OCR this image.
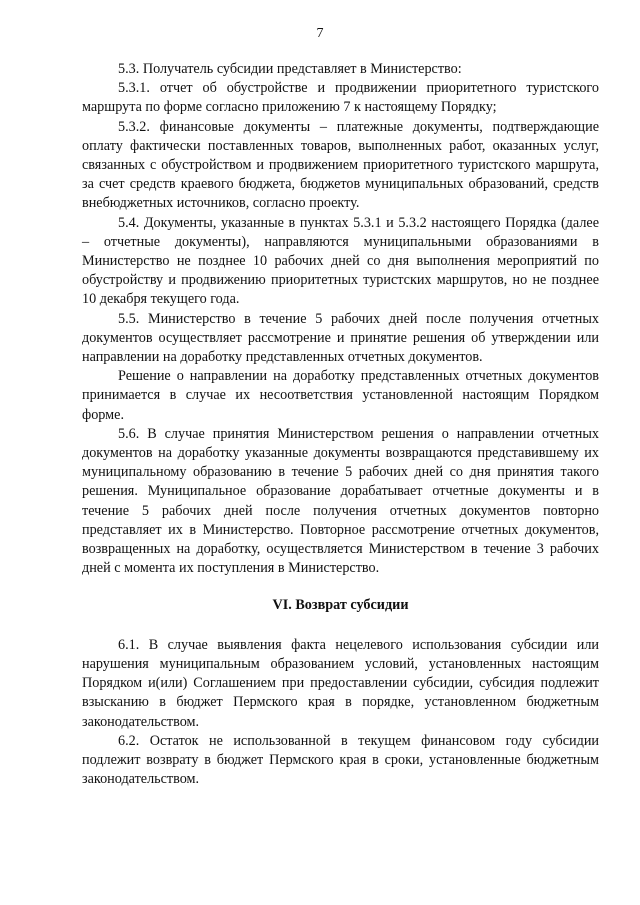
7

5.3. Получатель субсидии представляет в Министерство:

5.3.1. отчет об обустройстве и продвижении приоритетного туристского маршрута по форме согласно приложению 7 к настоящему Порядку;

5.3.2. финансовые документы – платежные документы, подтверждающие оплату фактически поставленных товаров, выполненных работ, оказанных услуг, связанных с обустройством и продвижением приоритетного туристского маршрута, за счет средств краевого бюджета, бюджетов муниципальных образований, средств внебюджетных источников, согласно проекту.

5.4. Документы, указанные в пунктах 5.3.1 и 5.3.2 настоящего Порядка (далее – отчетные документы), направляются муниципальными образованиями в Министерство не позднее 10 рабочих дней со дня выполнения мероприятий по обустройству и продвижению приоритетных туристских маршрутов, но не позднее 10 декабря текущего года.

5.5. Министерство в течение 5 рабочих дней после получения отчетных документов осуществляет рассмотрение и принятие решения об утверждении или направлении на доработку представленных отчетных документов.

Решение о направлении на доработку представленных отчетных документов принимается в случае их несоответствия установленной настоящим Порядком форме.

5.6. В случае принятия Министерством решения о направлении отчетных документов на доработку указанные документы возвращаются представившему их муниципальному образованию в течение 5 рабочих дней со дня принятия такого решения. Муниципальное образование дорабатывает отчетные документы и в течение 5 рабочих дней после получения отчетных документов повторно представляет их в Министерство. Повторное рассмотрение отчетных документов, возвращенных на доработку, осуществляется Министерством в течение 3 рабочих дней с момента их поступления в Министерство.

VI. Возврат субсидии

6.1. В случае выявления факта нецелевого использования субсидии или нарушения муниципальным образованием условий, установленных настоящим Порядком и(или) Соглашением при предоставлении субсидии, субсидия подлежит взысканию в бюджет Пермского края в порядке, установленном бюджетным законодательством.

6.2. Остаток не использованной в текущем финансовом году субсидии подлежит возврату в бюджет Пермского края в сроки, установленные бюджетным законодательством.
